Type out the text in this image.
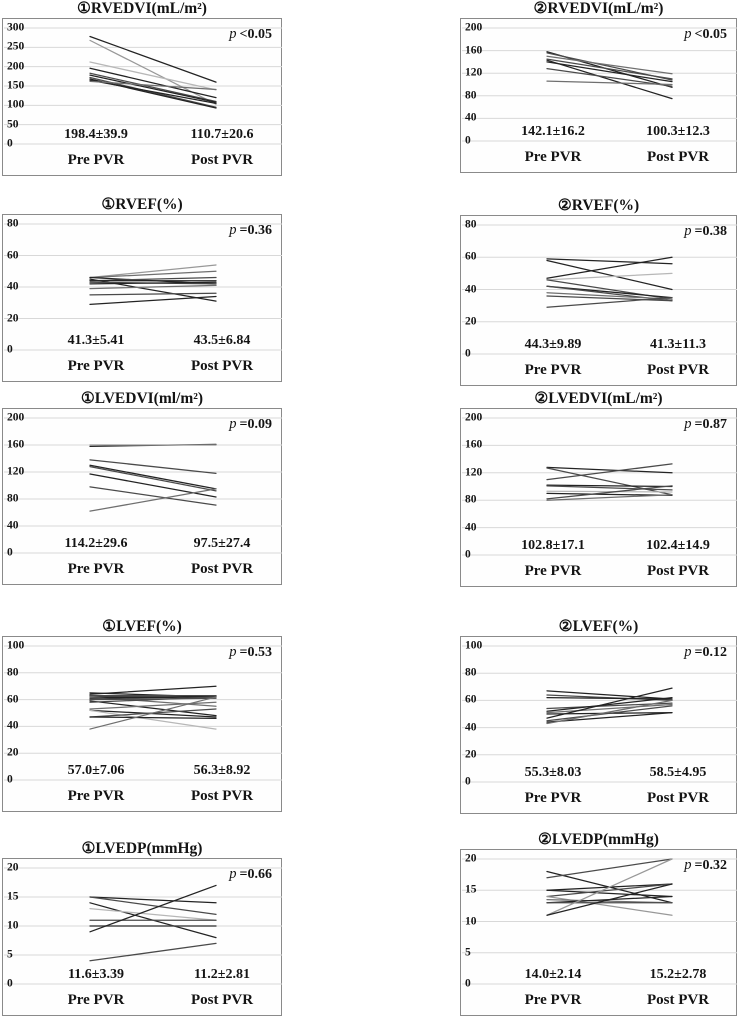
①RVEDVI(mL/m²)
p <0.05
198.4±39.9	110.7±20.6
Pre PVR	Post PVR
0
50
100
150
200
250
300
②RVEDVI(mL/m²)
p <0.05
142.1±16.2	100.3±12.3
Pre PVR	Post PVR
0
40
80
120
160
200
①RVEF(%)
p =0.36
41.3±5.41	43.5±6.84
Pre PVR	Post PVR
0
20
40
60
80
②RVEF(%)
p =0.38
44.3±9.89	41.3±11.3
Pre PVR	Post PVR
0
20
40
60
80
①LVEDVI(ml/m²)
p =0.09
114.2±29.6	97.5±27.4
Pre PVR	Post PVR
0
40
80
120
160
200
②LVEDVI(mL/m²)
p =0.87
102.8±17.1	102.4±14.9
Pre PVR	Post PVR
0
40
80
120
160
200
①LVEF(%)
p =0.53
57.0±7.06	56.3±8.92
Pre PVR	Post PVR
0
20
40
60
80
100
②LVEF(%)
p =0.12
55.3±8.03	58.5±4.95
Pre PVR	Post PVR
0
20
40
60
80
100
①LVEDP(mmHg)
p =0.66
11.6±3.39	11.2±2.81
Pre PVR	Post PVR
0
5
10
15
20
②LVEDP(mmHg)
p =0.32
14.0±2.14	15.2±2.78
Pre PVR	Post PVR
0
5
10
15
20
